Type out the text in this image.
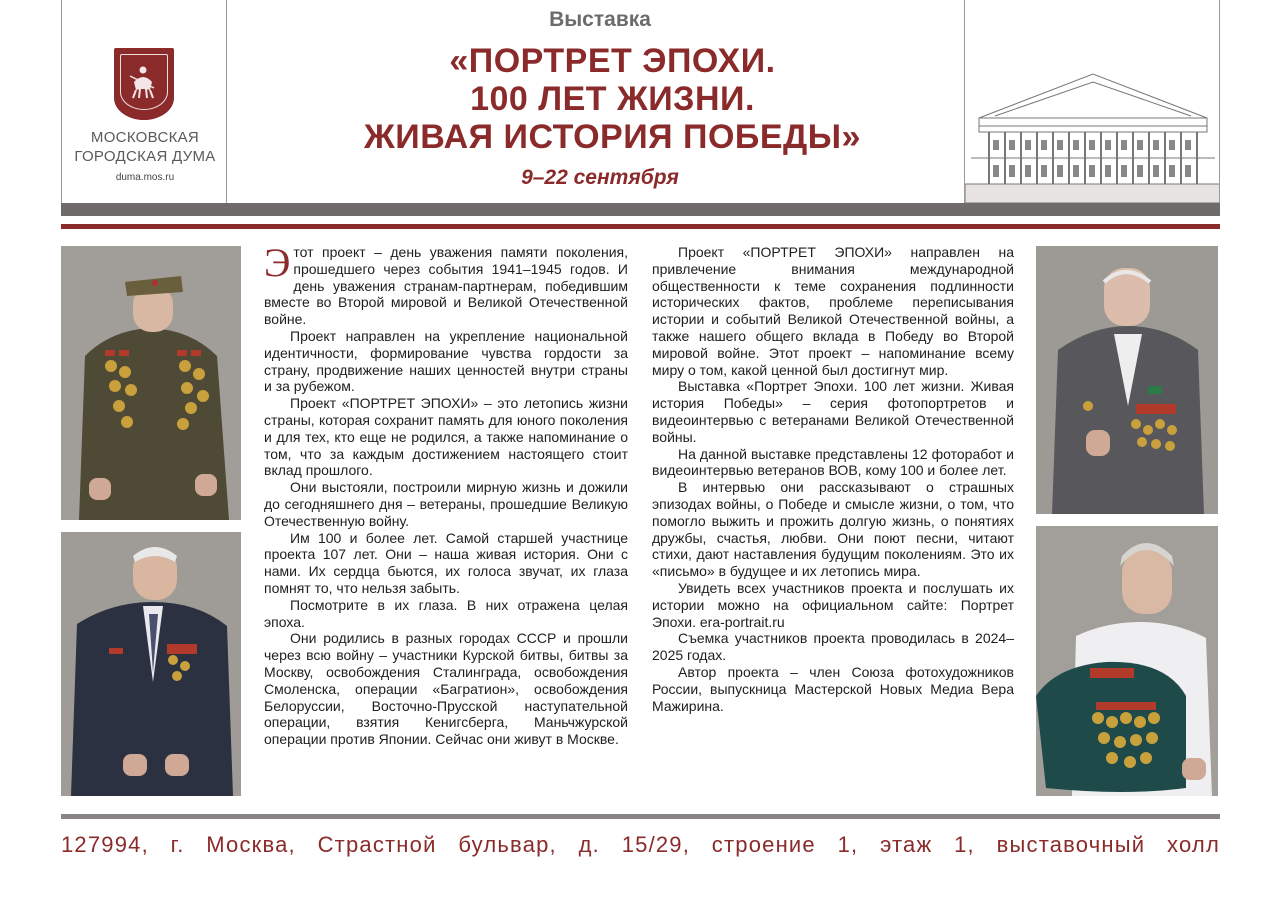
МОСКОВСКАЯ
ГОРОДСКАЯ ДУМА
duma.mos.ru
Выставка
«ПОРТРЕТ ЭПОХИ.
100 ЛЕТ ЖИЗНИ.
ЖИВАЯ ИСТОРИЯ ПОБЕДЫ»
9–22 сентября

Этот проект – день уважения памяти поколения, прошедшего через события 1941–1945 годов. И день уважения странам-партнерам, победившим вместе во Второй мировой и Великой Отечественной войне.

Проект направлен на укрепление национальной идентичности, формирование чувства гордости за страну, продвижение наших ценностей внутри страны и за рубежом.

Проект «ПОРТРЕТ ЭПОХИ» – это летопись жизни страны, которая сохранит память для юного поколения и для тех, кто еще не родился, а также напоминание о том, что за каждым достижением настоящего стоит вклад прошлого.

Они выстояли, построили мирную жизнь и дожили до сегодняшнего дня – ветераны, прошедшие Великую Отечественную войну.

Им 100 и более лет. Самой старшей участнице проекта 107 лет. Они – наша живая история. Они с нами. Их сердца бьются, их голоса звучат, их глаза помнят то, что нельзя забыть.

Посмотрите в их глаза. В них отражена целая эпоха.

Они родились в разных городах СССР и прошли через всю войну – участники Курской битвы, битвы за Москву, освобождения Сталинграда, освобождения Смоленска, операции «Багратион», освобождения Белоруссии, Восточно-Прусской наступательной операции, взятия Кенигсберга, Маньчжурской операции против Японии. Сейчас они живут в Москве.

Проект «ПОРТРЕТ ЭПОХИ» направлен на привлечение внимания международной общественности к теме сохранения подлинности исторических фактов, проблеме переписывания истории и событий Великой Отечественной войны, а также нашего общего вклада в Победу во Второй мировой войне. Этот проект – напоминание всему миру о том, какой ценной был достигнут мир.

Выставка «Портрет Эпохи. 100 лет жизни. Живая история Победы» – серия фотопортретов и видеоинтервью с ветеранами Великой Отечественной войны.

На данной выставке представлены 12 фоторабот и видеоинтервью ветеранов ВОВ, кому 100 и более лет.

В интервью они рассказывают о страшных эпизодах войны, о Победе и смысле жизни, о том, что помогло выжить и прожить долгую жизнь, о понятиях дружбы, счастья, любви. Они поют песни, читают стихи, дают наставления будущим поколениям. Это их «письмо» в будущее и их летопись мира.

Увидеть всех участников проекта и послушать их истории можно на официальном сайте: Портрет Эпохи. era-portrait.ru

Съемка участников проекта проводилась в 2024–2025 годах.

Автор проекта – член Союза фотохудожников России, выпускница Мастерской Новых Медиа Вера Мажирина.

127994, г. Москва, Страстной бульвар, д. 15/29, строение 1, этаж 1, выставочный холл
